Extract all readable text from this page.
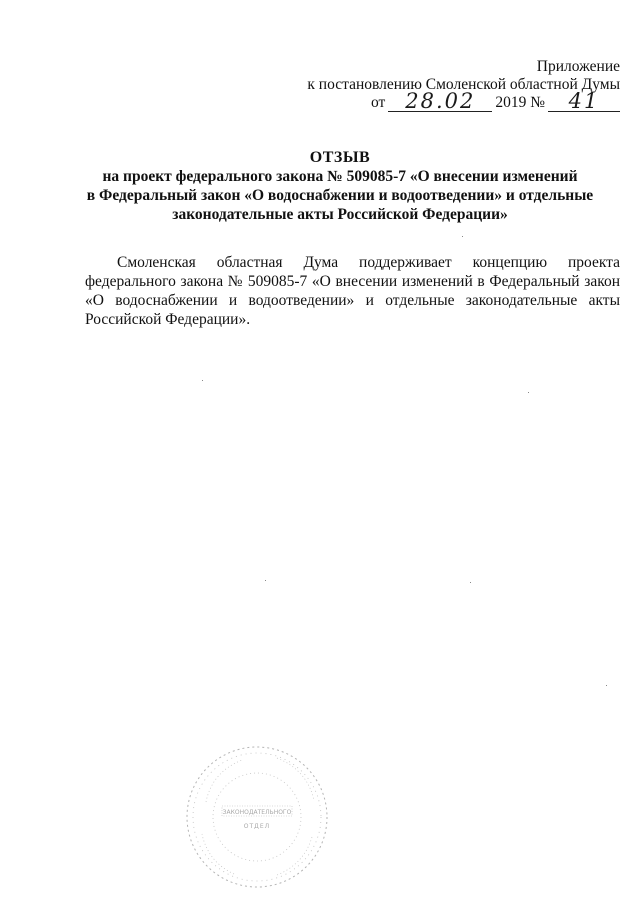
Приложение
к постановлению Смоленской областной Думы
от 28.02	2019 №	41
ОТЗЫВ
на проект федерального закона № 509085-7 «О внесении изменений
в Федеральный закон «О водоснабжении и водоотведении» и отдельные
законодательные акты Российской Федерации»

Смоленская областная Дума поддерживает концепцию проекта федерального закона № 509085-7 «О внесении изменений в Федеральный закон «О водоснабжении и водоотведении» и отдельные законодательные акты Российской Федерации».

ЗАКОНОДАТЕЛЬНОГО
ОТДЕЛ
